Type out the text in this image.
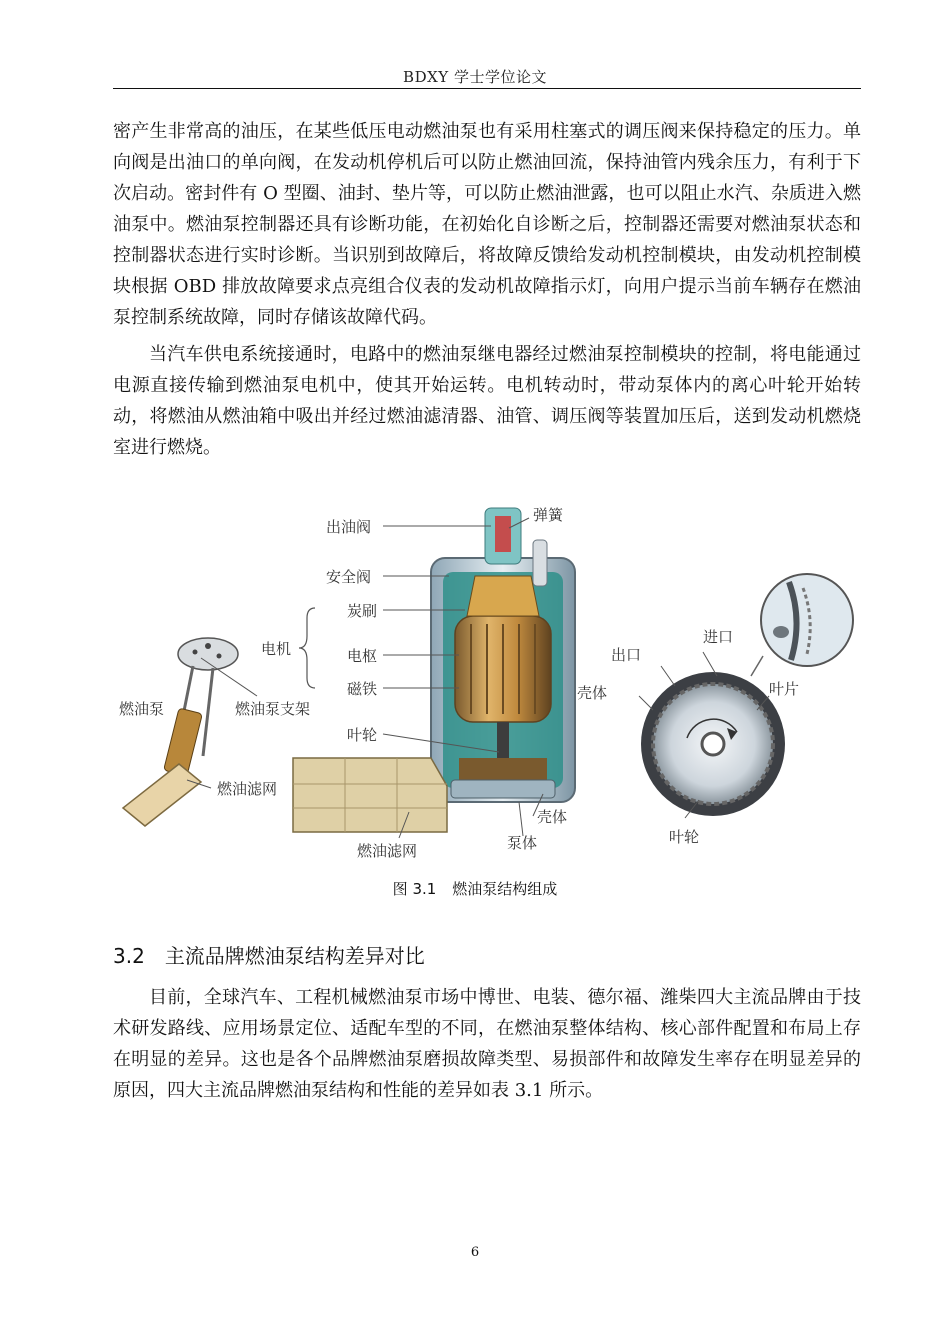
BDXY 学士学位论文

密产生非常高的油压，在某些低压电动燃油泵也有采用柱塞式的调压阀来保持稳定的压力。单向阀是出油口的单向阀，在发动机停机后可以防止燃油回流，保持油管内残余压力，有利于下次启动。密封件有 O 型圈、油封、垫片等，可以防止燃油泄露，也可以阻止水汽、杂质进入燃油泵中。燃油泵控制器还具有诊断功能，在初始化自诊断之后，控制器还需要对燃油泵状态和控制器状态进行实时诊断。当识别到故障后，将故障反馈给发动机控制模块，由发动机控制模块根据 OBD 排放故障要求点亮组合仪表的发动机故障指示灯，向用户提示当前车辆存在燃油泵控制系统故障，同时存储该故障代码。

当汽车供电系统接通时，电路中的燃油泵继电器经过燃油泵控制模块的控制，将电能通过电源直接传输到燃油泵电机中，使其开始运转。电机转动时，带动泵体内的离心叶轮开始转动，将燃油从燃油箱中吸出并经过燃油滤清器、油管、调压阀等装置加压后，送到发动机燃烧室进行燃烧。

出油阀
弹簧
安全阀
炭刷
电机	电枢
磁铁
叶轮
燃油泵	燃油泵支架
燃油滤网
燃油滤网
壳体
泵体
进口
出口
壳体	叶片
叶轮
图 3.1 燃油泵结构组成
3.2 主流品牌燃油泵结构差异对比

目前，全球汽车、工程机械燃油泵市场中博世、电装、德尔福、潍柴四大主流品牌由于技术研发路线、应用场景定位、适配车型的不同，在燃油泵整体结构、核心部件配置和布局上存在明显的差异。这也是各个品牌燃油泵磨损故障类型、易损部件和故障发生率存在明显差异的原因，四大主流品牌燃油泵结构和性能的差异如表 3.1 所示。

6
